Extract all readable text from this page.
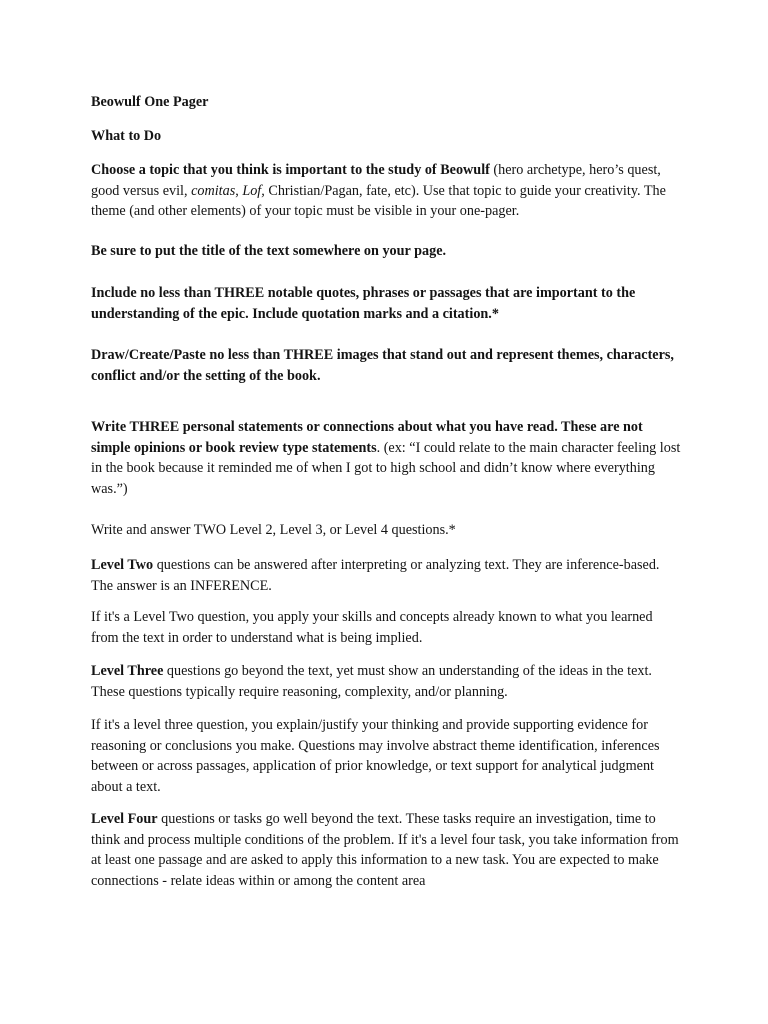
Beowulf One Pager

What to Do

Choose a topic that you think is important to the study of Beowulf (hero archetype, hero’s quest, good versus evil, comitas, Lof, Christian/Pagan, fate, etc). Use that topic to guide your creativity. The theme (and other elements) of your topic must be visible in your one-pager.

Be sure to put the title of the text somewhere on your page.

Include no less than THREE notable quotes, phrases or passages that are important to the understanding of the epic. Include quotation marks and a citation.*

Draw/Create/Paste no less than THREE images that stand out and represent themes, characters, conflict and/or the setting of the book.

Write THREE personal statements or connections about what you have read. These are not simple opinions or book review type statements. (ex: “I could relate to the main character feeling lost in the book because it reminded me of when I got to high school and didn’t know where everything was.”)

Write and answer TWO Level 2, Level 3, or Level 4 questions.*

Level Two questions can be answered after interpreting or analyzing text. They are inference-based. The answer is an INFERENCE.

If it's a Level Two question, you apply your skills and concepts already known to what you learned from the text in order to understand what is being implied.

Level Three questions go beyond the text, yet must show an understanding of the ideas in the text. These questions typically require reasoning, complexity, and/or planning.

If it's a level three question, you explain/justify your thinking and provide supporting evidence for reasoning or conclusions you make. Questions may involve abstract theme identification, inferences between or across passages, application of prior knowledge, or text support for analytical judgment about a text.

Level Four questions or tasks go well beyond the text. These tasks require an investigation, time to think and process multiple conditions of the problem. If it's a level four task, you take information from at least one passage and are asked to apply this information to a new task. You are expected to make connections - relate ideas within or among the content area
